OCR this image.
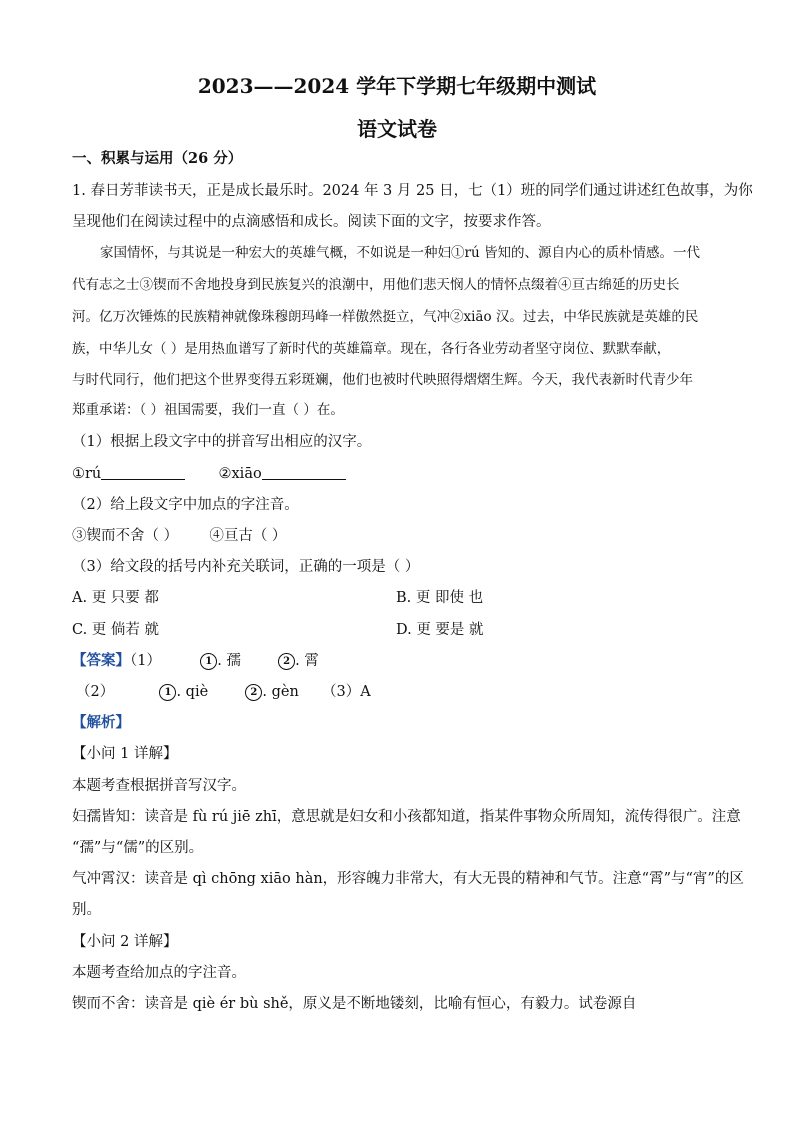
2023——2024 学年下学期七年级期中测试
语文试卷
一、积累与运用（26 分）
1. 春日芳菲读书天，正是成长最乐时。2024 年 3 月 25 日，七（1）班的同学们通过讲述红色故事，为你
呈现他们在阅读过程中的点滴感悟和成长。阅读下面的文字，按要求作答。
家国情怀，与其说是一种宏大的英雄气概，不如说是一种妇①rú 皆知的、源自内心的质朴情感。一代
代有志之士③锲而不舍地投身到民族复兴的浪潮中，用他们悲天悯人的情怀点缀着④亘古绵延的历史长
河。亿万次锤炼的民族精神就像珠穆朗玛峰一样傲然挺立，气冲②xiāo 汉。过去，中华民族就是英雄的民
族，中华儿女（ ）是用热血谱写了新时代的英雄篇章。现在，各行各业劳动者坚守岗位、默默奉献，
与时代同行，他们把这个世界变得五彩斑斓，他们也被时代映照得熠熠生辉。今天，我代表新时代青少年
郑重承诺：（ ）祖国需要，我们一直（ ）在。
（1）根据上段文字中的拼音写出相应的汉字。
①rú	②xiāo
（2）给上段文字中加点的字注音。
③锲而不舍（ ） ④亘古（ ）
（3）给文段的括号内补充关联词，正确的一项是（ ）
A. 更 只要 都	B. 更 即使 也
C. 更 倘若 就	D. 更 要是 就
【答案】（1）	1 . 孺	2 . 霄
（2）	1 . qiè	2 . gèn （3）A
【解析】
【小问 1 详解】
本题考查根据拼音写汉字。
妇孺皆知：读音是 fù rú jiē zhī，意思就是妇女和小孩都知道，指某件事物众所周知，流传得很广。注意
“孺”与“儒”的区别。
气冲霄汉：读音是 qì chōng xiāo hàn，形容魄力非常大，有大无畏的精神和气节。注意“霄”与“宵”的区
别。
【小问 2 详解】
本题考查给加点的字注音。
锲而不舍：读音是 qiè ér bù shě，原义是不断地镂刻，比喻有恒心，有毅力。试卷源自
